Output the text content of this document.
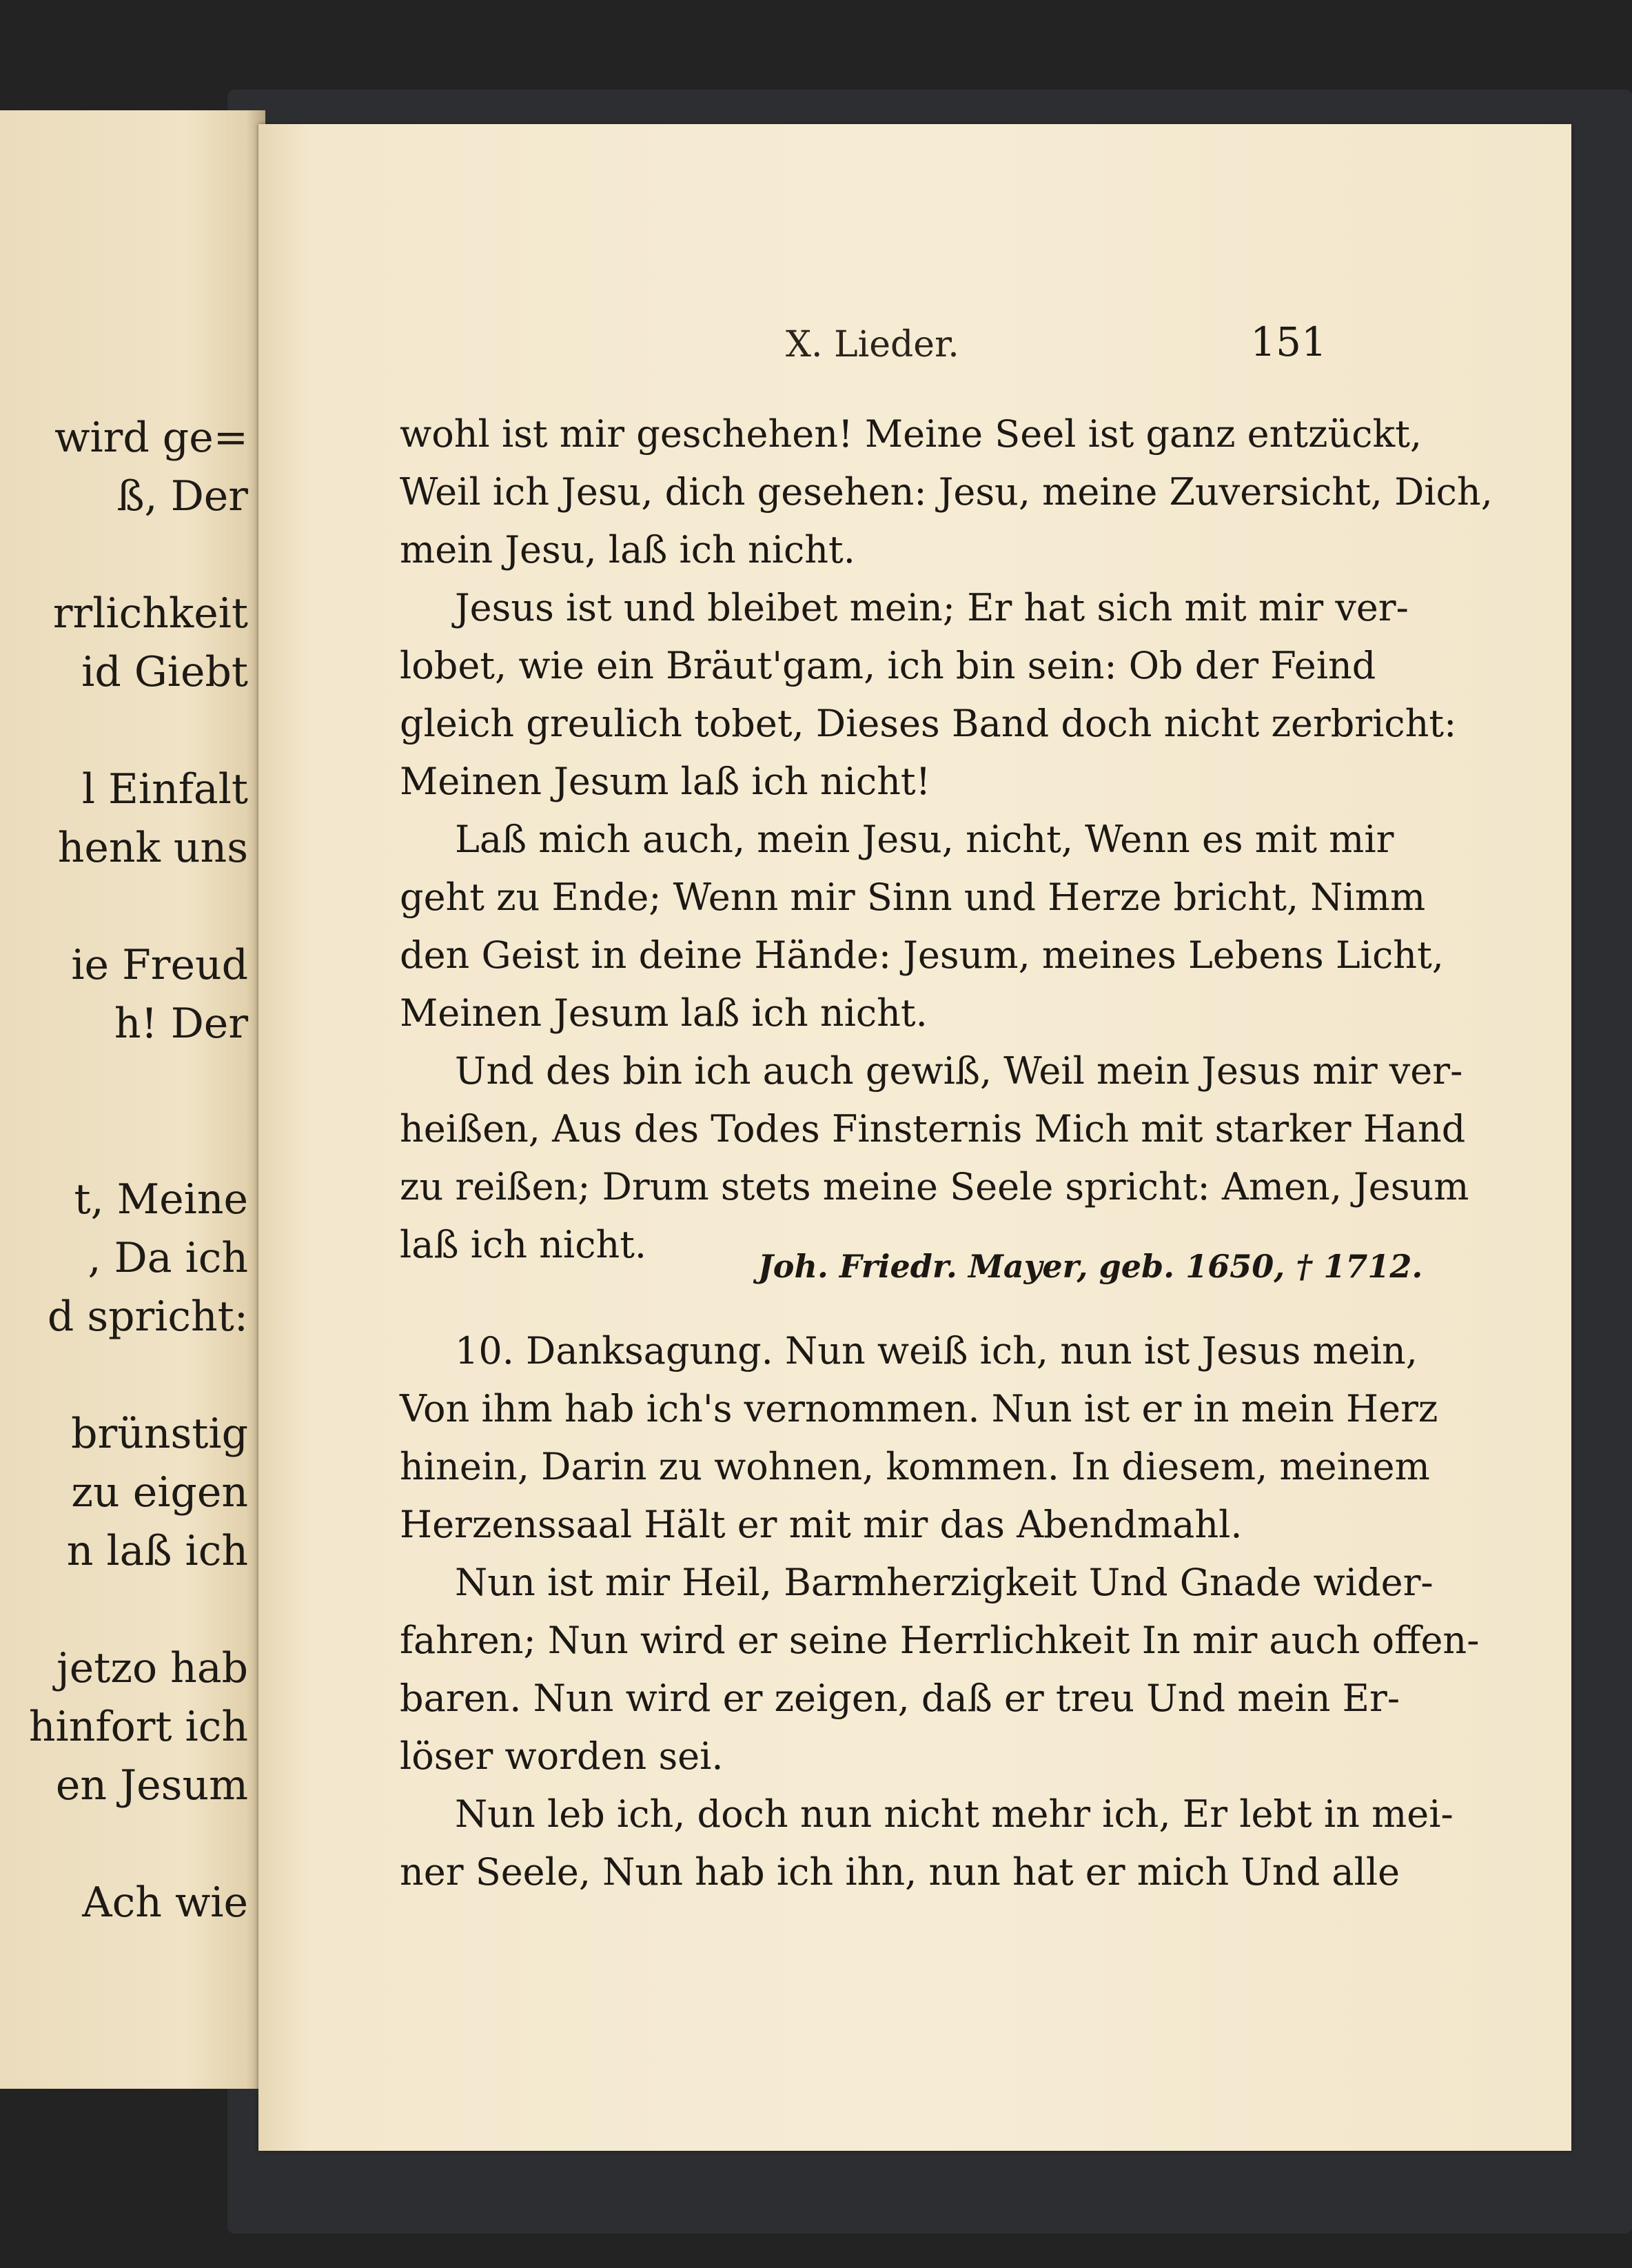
wird ge=
ß, Der
rrlichkeit
id Giebt
l Einfalt
henk uns
ie Freud
h! Der
t, Meine
, Da ich
d spricht:
brünstig
zu eigen
n laß ich
jetzo hab
hinfort ich
en Jesum
Ach wie
X. Lieder.	151
wohl ist mir geschehen! Meine Seel ist ganz entzückt,
Weil ich Jesu, dich gesehen: Jesu, meine Zuversicht, Dich,
mein Jesu, laß ich nicht.
Jesus ist und bleibet mein; Er hat sich mit mir ver-
lobet, wie ein Bräut'gam, ich bin sein: Ob der Feind
gleich greulich tobet, Dieses Band doch nicht zerbricht:
Meinen Jesum laß ich nicht!
Laß mich auch, mein Jesu, nicht, Wenn es mit mir
geht zu Ende; Wenn mir Sinn und Herze bricht, Nimm
den Geist in deine Hände: Jesum, meines Lebens Licht,
Meinen Jesum laß ich nicht.
Und des bin ich auch gewiß, Weil mein Jesus mir ver-
heißen, Aus des Todes Finsternis Mich mit starker Hand
zu reißen; Drum stets meine Seele spricht: Amen, Jesum
laß ich nicht.	Joh. Friedr. Mayer, geb. 1650, † 1712.
10. Danksagung. Nun weiß ich, nun ist Jesus mein,
Von ihm hab ich's vernommen. Nun ist er in mein Herz
hinein, Darin zu wohnen, kommen. In diesem, meinem
Herzenssaal Hält er mit mir das Abendmahl.
Nun ist mir Heil, Barmherzigkeit Und Gnade wider-
fahren; Nun wird er seine Herrlichkeit In mir auch offen-
baren. Nun wird er zeigen, daß er treu Und mein Er-
löser worden sei.
Nun leb ich, doch nun nicht mehr ich, Er lebt in mei-
ner Seele, Nun hab ich ihn, nun hat er mich Und alle
